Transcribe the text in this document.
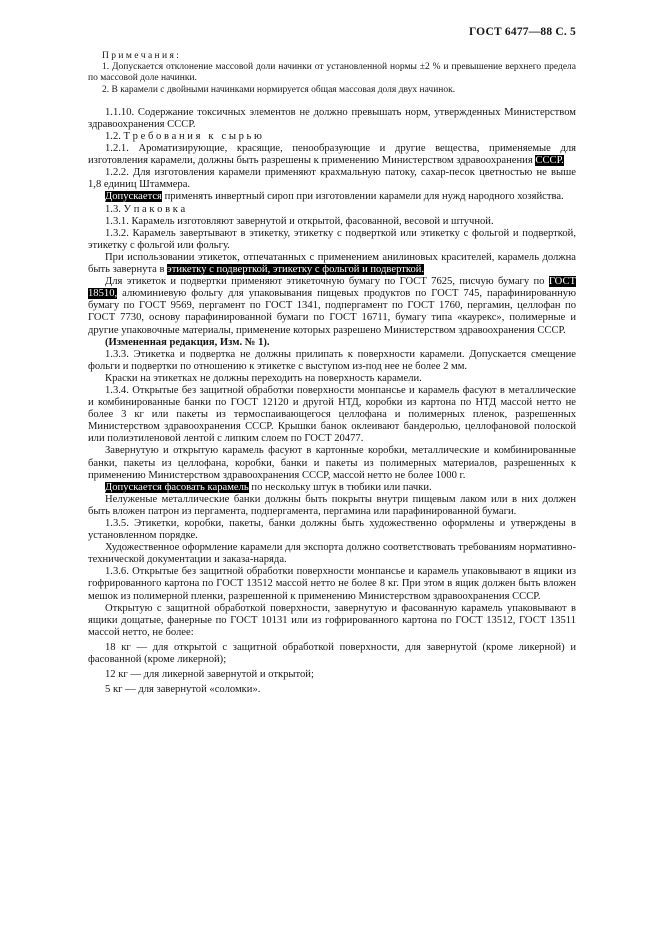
ГОСТ 6477—88 С. 5

П р и м е ч а н и я :

1. Допускается отклонение массовой доли начинки от установленной нормы ±2 % и превышение верхнего предела по массовой доле начинки.

2. В карамели с двойными начинками нормируется общая массовая доля двух начинок.

1.1.10. Содержание токсичных элементов не должно превышать норм, утвержденных Министерством здравоохранения СССР.

1.2. Т р е б о в а н и я   к   с ы р ь ю

1.2.1. Ароматизирующие, красящие, пенообразующие и другие вещества, применяемые для изготовления карамели, должны быть разрешены к применению Министерством здравоохранения СССР.

1.2.2. Для изготовления карамели применяют крахмальную патоку, сахар-песок цветностью не выше 1,8 единиц Штаммера.

Допускается применять инвертный сироп при изготовлении карамели для нужд народного хозяйства.

1.3. У п а к о в к а

1.3.1. Карамель изготовляют завернутой и открытой, фасованной, весовой и штучной.

1.3.2. Карамель завертывают в этикетку, этикетку с подверткой или этикетку с фольгой и подверткой, этикетку с фольгой или фольгу.

При использовании этикеток, отпечатанных с применением анилиновых красителей, карамель должна быть завернута в этикетку с подверткой, этикетку с фольгой и подверткой.

Для этикеток и подвертки применяют этикеточную бумагу по ГОСТ 7625, писчую бумагу по ГОСТ 18510, алюминиевую фольгу для упаковывания пищевых продуктов по ГОСТ 745, парафинированную бумагу по ГОСТ 9569, пергамент по ГОСТ 1341, подпергамент по ГОСТ 1760, пергамин, целлофан по ГОСТ 7730, основу парафинированной бумаги по ГОСТ 16711, бумагу типа «каурекс», полимерные и другие упаковочные материалы, применение которых разрешено Министерством здравоохранения СССР.

(Измененная редакция, Изм. № 1).

1.3.3. Этикетка и подвертка не должны прилипать к поверхности карамели. Допускается смещение фольги и подвертки по отношению к этикетке с выступом из-под нее не более 2 мм.

Краски на этикетках не должны переходить на поверхность карамели.

1.3.4. Открытые без защитной обработки поверхности монпансье и карамель фасуют в металлические и комбинированные банки по ГОСТ 12120 и другой НТД, коробки из картона по НТД массой нетто не более 3 кг или пакеты из термоспаивающегося целлофана и полимерных пленок, разрешенных Министерством здравоохранения СССР. Крышки банок оклеивают бандеролью, целлофановой полоской или полиэтиленовой лентой с липким слоем по ГОСТ 20477.

Завернутую и открытую карамель фасуют в картонные коробки, металлические и комбинированные банки, пакеты из целлофана, коробки, банки и пакеты из полимерных материалов, разрешенных к применению Министерством здравоохранения СССР, массой нетто не более 1000 г.

Допускается фасовать карамель по нескольку штук в тюбики или пачки.

Нелуженые металлические банки должны быть покрыты внутри пищевым лаком или в них должен быть вложен патрон из пергамента, подпергамента, пергамина или парафинированной бумаги.

1.3.5. Этикетки, коробки, пакеты, банки должны быть художественно оформлены и утверждены в установленном порядке.

Художественное оформление карамели для экспорта должно соответствовать требованиям нормативно-технической документации и заказа-наряда.

1.3.6. Открытые без защитной обработки поверхности монпансье и карамель упаковывают в ящики из гофрированного картона по ГОСТ 13512 массой нетто не более 8 кг. При этом в ящик должен быть вложен мешок из полимерной пленки, разрешенной к применению Министерством здравоохранения СССР.

Открытую с защитной обработкой поверхности, завернутую и фасованную карамель упаковывают в ящики дощатые, фанерные по ГОСТ 10131 или из гофрированного картона по ГОСТ 13512, ГОСТ 13511 массой нетто, не более:

18 кг — для открытой с защитной обработкой поверхности, для завернутой (кроме ликерной) и фасованной (кроме ликерной);

12 кг — для ликерной завернутой и открытой;

5 кг — для завернутой «соломки».
